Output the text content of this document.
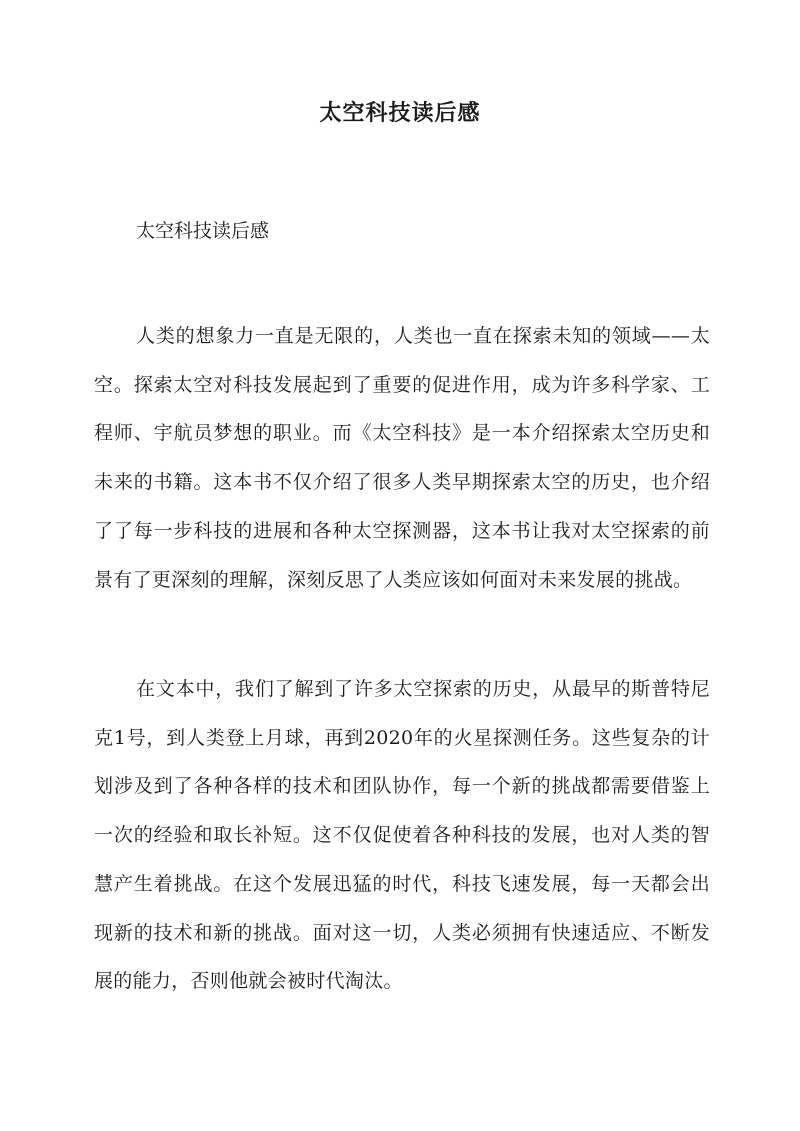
太空科技读后感

太空科技读后感

人类的想象力一直是无限的，人类也一直在探索未知的领域——太空。探索太空对科技发展起到了重要的促进作用，成为许多科学家、工程师、宇航员梦想的职业。而《太空科技》是一本介绍探索太空历史和未来的书籍。这本书不仅介绍了很多人类早期探索太空的历史，也介绍了了每一步科技的进展和各种太空探测器，这本书让我对太空探索的前景有了更深刻的理解，深刻反思了人类应该如何面对未来发展的挑战。

在文本中，我们了解到了许多太空探索的历史，从最早的斯普特尼克1号，到人类登上月球，再到2020年的火星探测任务。这些复杂的计划涉及到了各种各样的技术和团队协作，每一个新的挑战都需要借鉴上一次的经验和取长补短。这不仅促使着各种科技的发展，也对人类的智慧产生着挑战。在这个发展迅猛的时代，科技飞速发展，每一天都会出现新的技术和新的挑战。面对这一切，人类必须拥有快速适应、不断发展的能力，否则他就会被时代淘汰。
